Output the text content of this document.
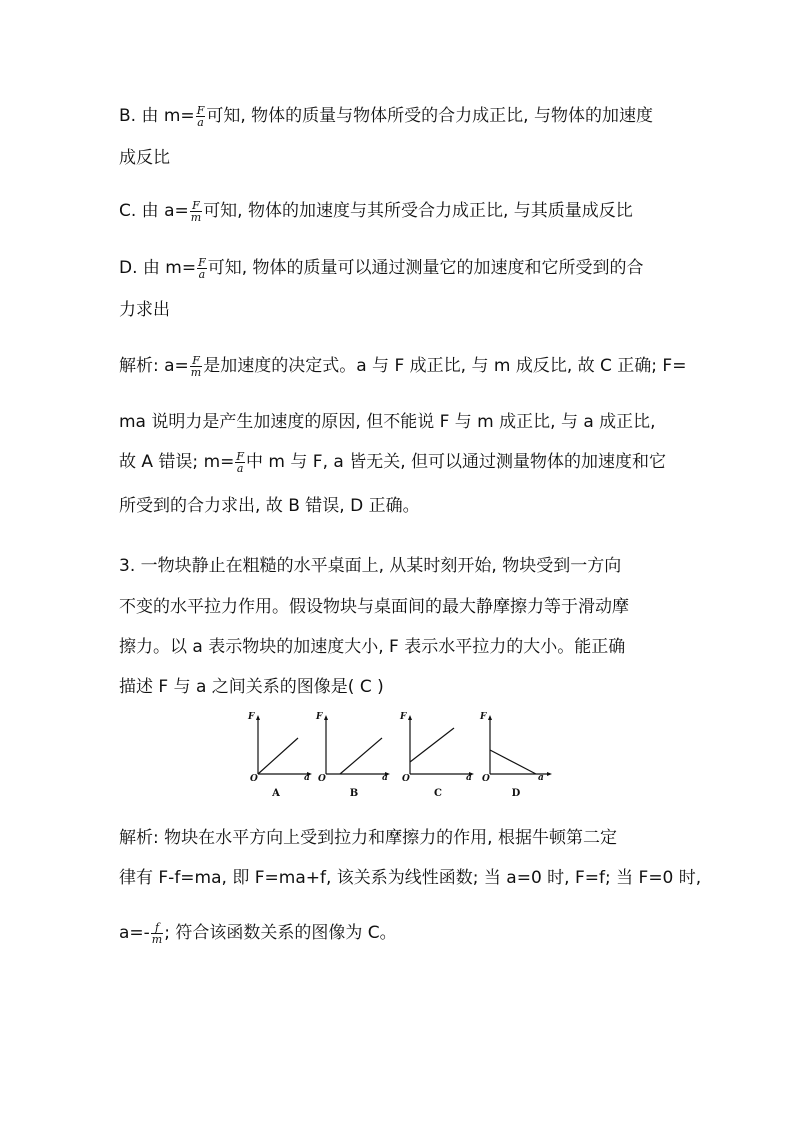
B. 由 $m= \frac{F}{a}$ 可知, 物体的质量与物体所受的合力成正比, 与物体的加速度
成反比
C. 由 $a= \frac{F}{m}$ 可知, 物体的加速度与其所受合力成正比, 与其质量成反比
D. 由 $m= \frac{F}{a}$ 可知, 物体的质量可以通过测量它的加速度和它所受到的合
力求出
解析: $a= \frac{F}{m}$ 是加速度的决定式。a 与 F 成正比, 与 m 成反比, 故 C 正确; F=
ma 说明力是产生加速度的原因, 但不能说 F 与 m 成正比, 与 a 成正比,
故 A 错误; $m= \frac{F}{a}$ 中 m 与 F, a 皆无关, 但可以通过测量物体的加速度和它
所受到的合力求出, 故 B 错误, D 正确。
3. 一物块静止在粗糙的水平桌面上, 从某时刻开始, 物块受到一方向
不变的水平拉力作用。假设物块与桌面间的最大静摩擦力等于滑动摩
擦力。以 a 表示物块的加速度大小, F 表示水平拉力的大小。能正确
描述 F 与 a 之间关系的图像是( C )
F
a
O
A
F
a
O
B
F
a
O
C
F
a
O
D
解析: 物块在水平方向上受到拉力和摩擦力的作用, 根据牛顿第二定
律有 F-f=ma, 即 F=ma+f, 该关系为线性函数; 当 a=0 时, F=f; 当 F=0 时,
$a=- \frac{f}{m}$ ; 符合该函数关系的图像为 C。
